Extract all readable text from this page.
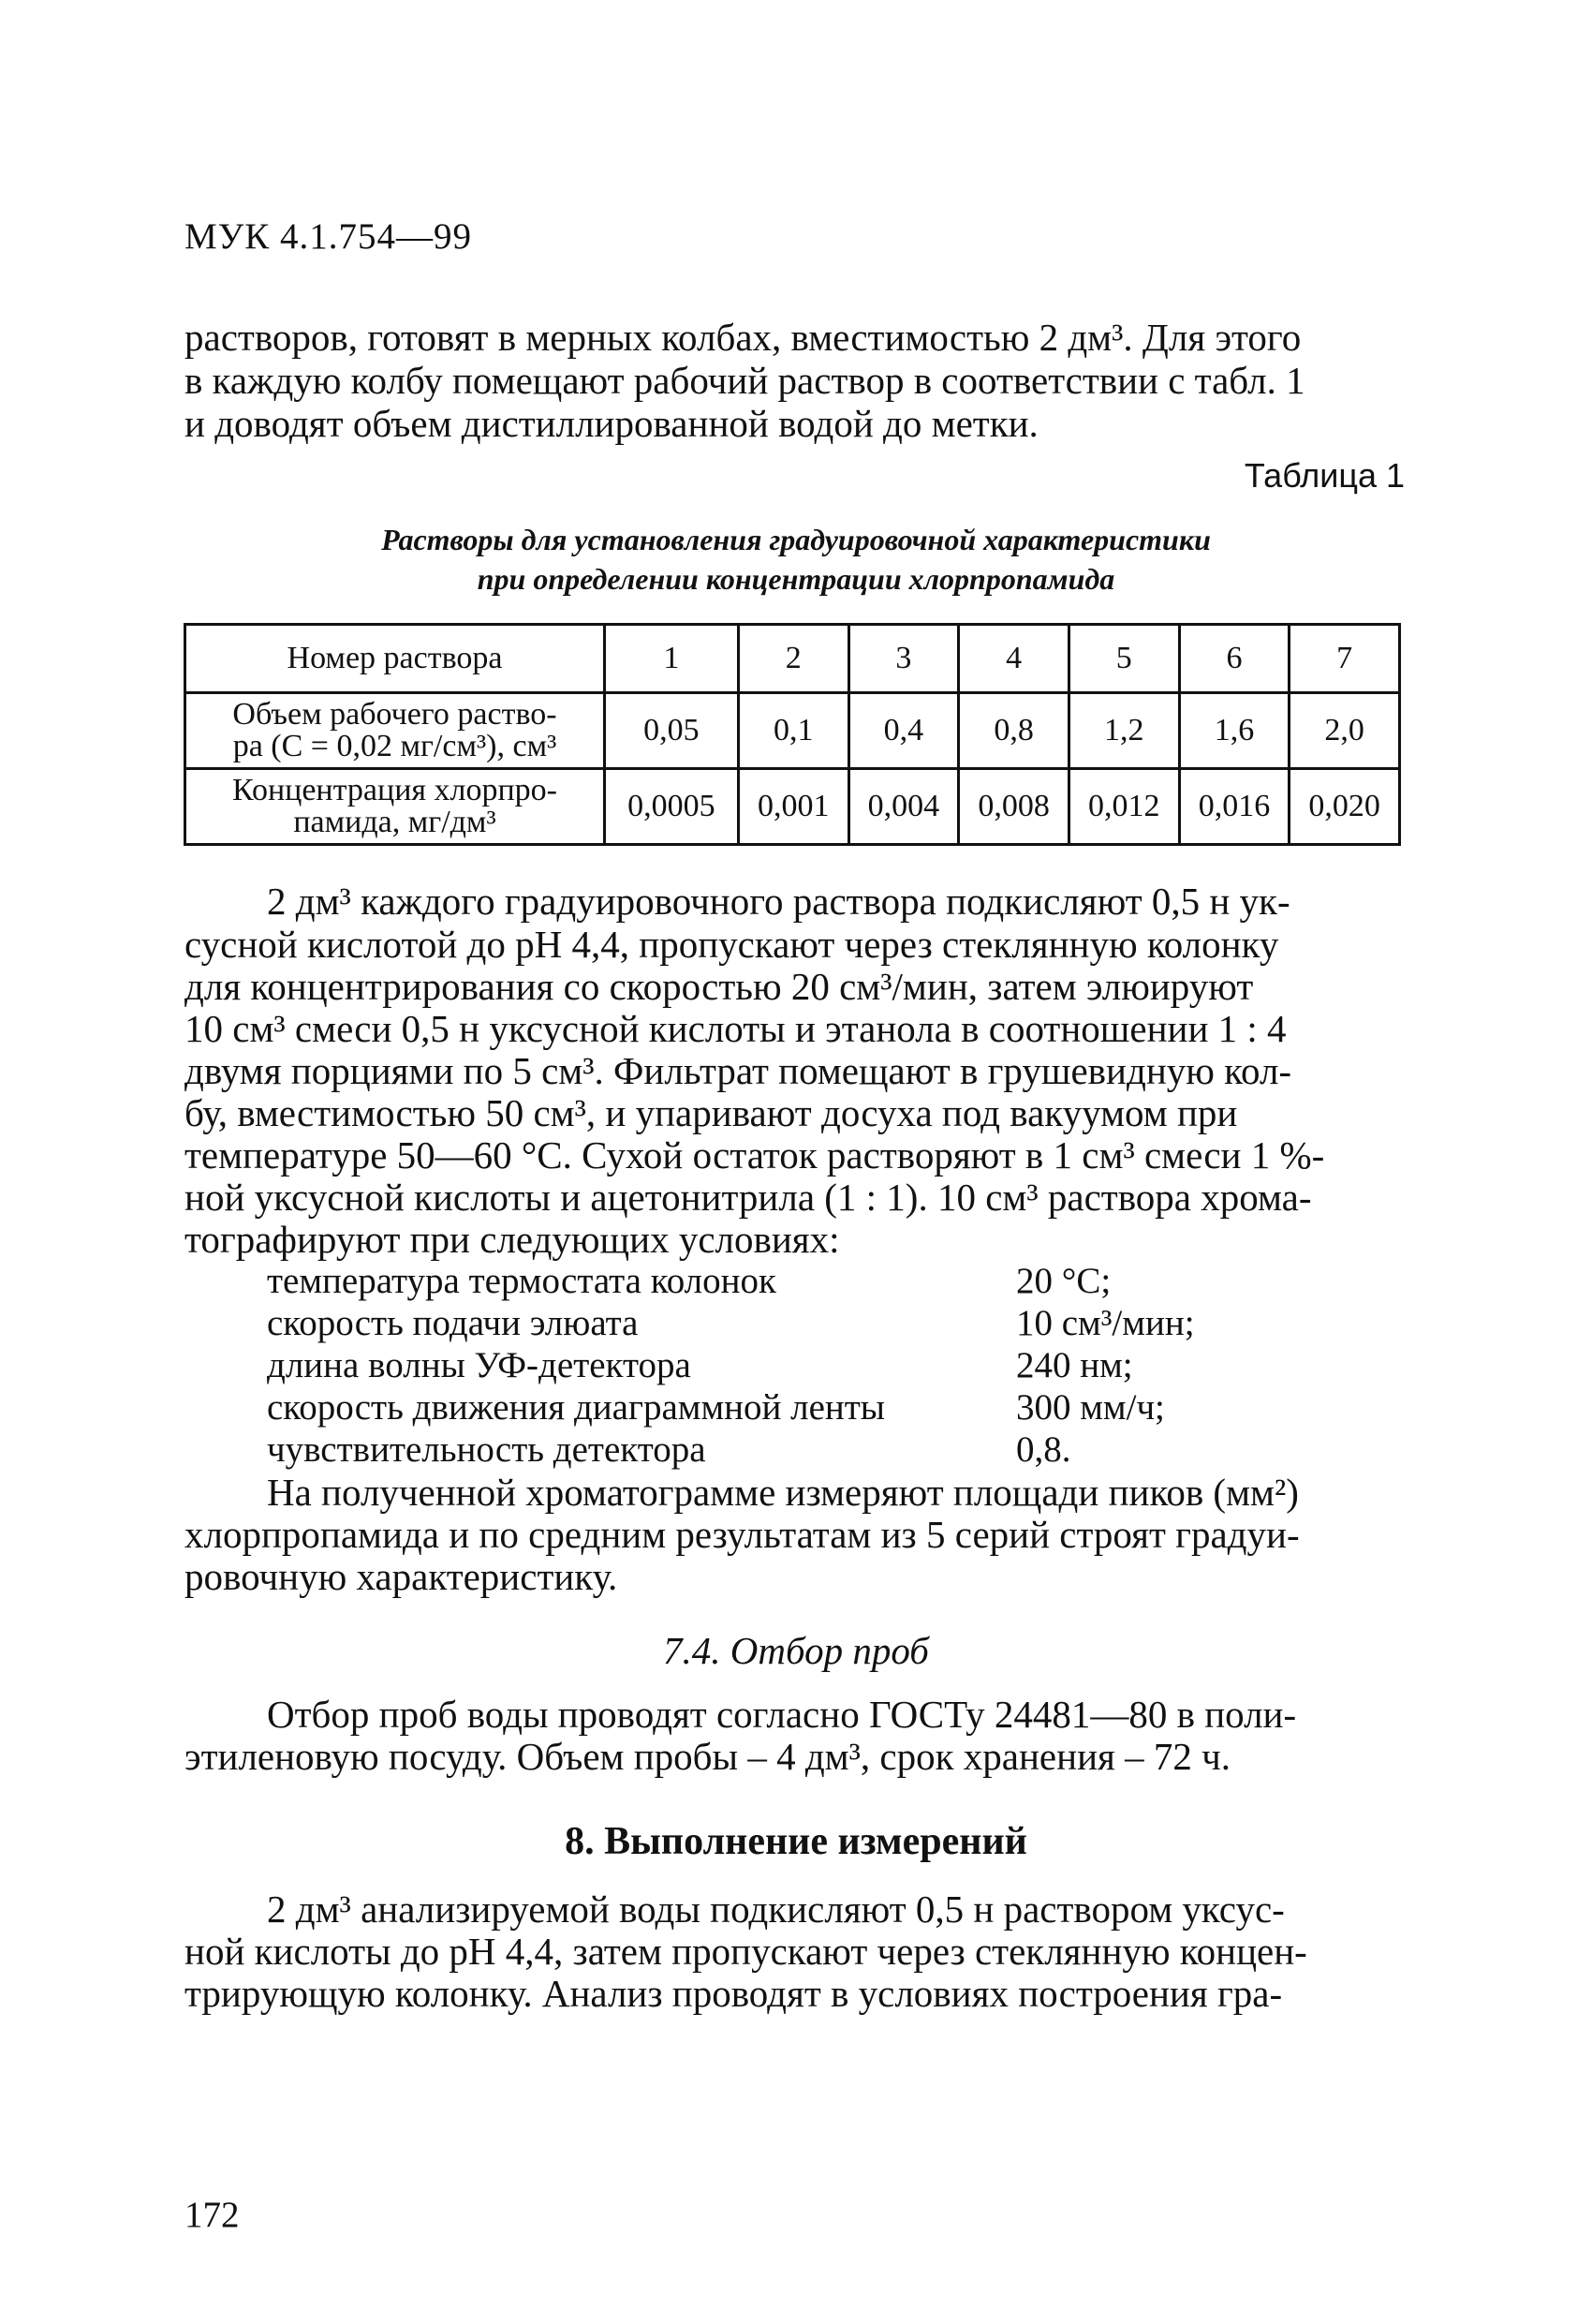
МУК 4.1.754—99
растворов, готовят в мерных колбах, вместимостью 2 дм³. Для этого
в каждую колбу помещают рабочий раствор в соответствии с табл. 1
и доводят объем дистиллированной водой до метки.
Таблица 1
Растворы для установления градуировочной характеристики
при определении концентрации хлорпропамида
Номер раствора	1	2	3	4	5	6	7

Объем рабочего раство-
ра (С = 0,02 мг/см³), см³	0,05	0,1	0,4	0,8	1,2	1,6	2,0

Концентрация хлорпро-
памида, мг/дм³	0,0005	0,001	0,004	0,008	0,012	0,016	0,020
2 дм³ каждого градуировочного раствора подкисляют 0,5 н ук-
сусной кислотой до рН 4,4, пропускают через стеклянную колонку
для концентрирования со скоростью 20 см³/мин, затем элюируют
10 см³ смеси 0,5 н уксусной кислоты и этанола в соотношении 1 : 4
двумя порциями по 5 см³. Фильтрат помещают в грушевидную кол-
бу, вместимостью 50 см³, и упаривают досуха под вакуумом при
температуре 50—60 °С. Сухой остаток растворяют в 1 см³ смеси 1 %-
ной уксусной кислоты и ацетонитрила (1 : 1). 10 см³ раствора хрома-
тографируют при следующих условиях:
температура термостата колонок	20 °С;
скорость подачи элюата	10 см³/мин;
длина волны УФ-детектора	240 нм;
скорость движения диаграммной ленты	300 мм/ч;
чувствительность детектора	0,8.
На полученной хроматограмме измеряют площади пиков (мм²)
хлорпропамида и по средним результатам из 5 серий строят градуи-
ровочную характеристику.
7.4. Отбор проб
Отбор проб воды проводят согласно ГОСТу 24481—80 в поли-
этиленовую посуду. Объем пробы – 4 дм³, срок хранения – 72 ч.
8. Выполнение измерений
2 дм³ анализируемой воды подкисляют 0,5 н раствором уксус-
ной кислоты до рН 4,4, затем пропускают через стеклянную концен-
трирующую колонку. Анализ проводят в условиях построения гра-
172
